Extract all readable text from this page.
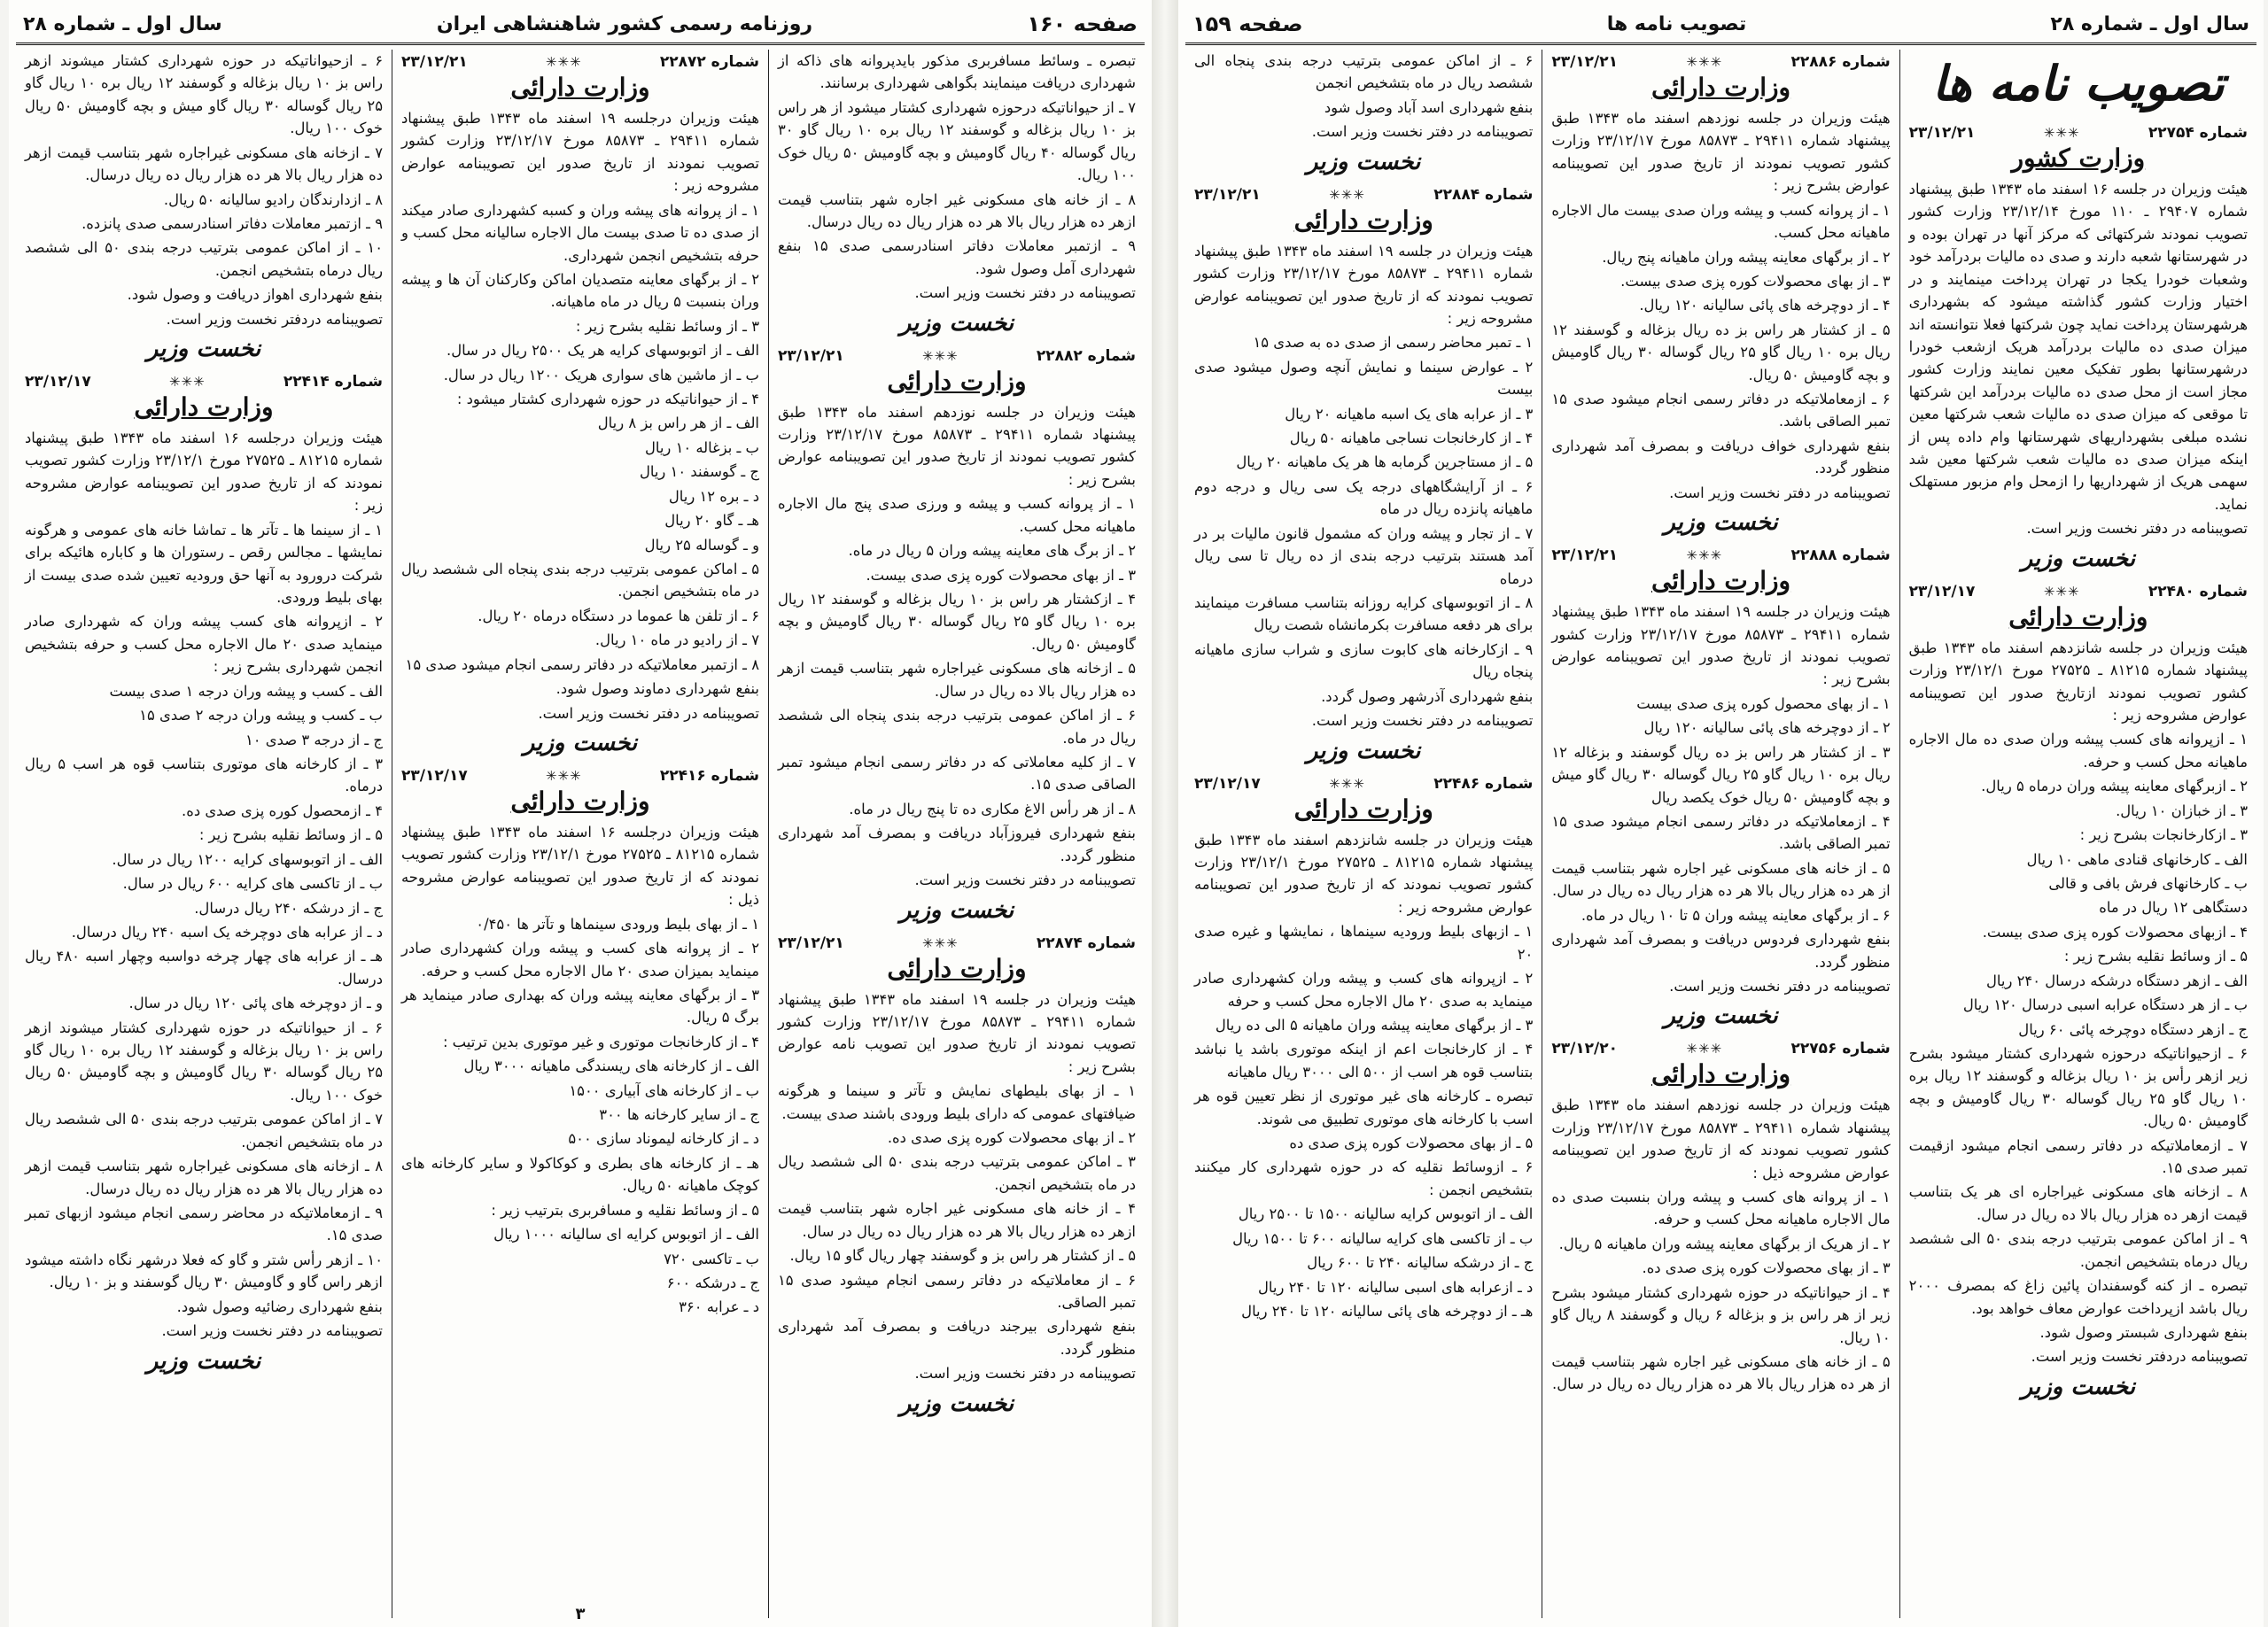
صفحه ۱۶۰
روزنامه رسمی کشور شاهنشاهی ایران
سال اول ـ شماره ۲۸

تبصره ـ وسائط مسافربری مذکور بایدپروانه های ذاکه از شهرداری دریافت مینمایند بگواهی شهرداری برسانند.

۷ ـ از حیواناتیکه درحوزه شهرداری کشتار میشود از هر راس بز ۱۰ ریال بزغاله و گوسفند ۱۲ ریال بره ۱۰ ریال گاو ۳۰ ریال گوساله ۴۰ ریال گاومیش و بچه گاومیش ۵۰ ریال خوک ۱۰۰ ریال.

۸ ـ از خانه های مسکونی غیر اجاره شهر بتناسب قیمت ازهر ده هزار ریال بالا هر ده هزار ریال ده ریال درسال.

۹ ـ ازتمبر معاملات دفاتر اسنادرسمی صدی ۱۵ بنفع شهرداری آمل وصول شود.

تصویبنامه در دفتر نخست وزیر است.

نخست وزیر
شماره ۲۲۸۸۲
✳✳✳
۲۳/۱۲/۲۱
وزارت دارائی

هیئت وزیران در جلسه نوزدهم اسفند ماه ۱۳۴۳ طبق پیشنهاد شماره ۲۹۴۱۱ ـ ۸۵۸۷۳ مورخ ۲۳/۱۲/۱۷ وزارت کشور تصویب نمودند از تاریخ صدور این تصویبنامه عوارض بشرح زیر :

۱ ـ از پروانه کسب و پیشه و ورزی صدی پنج مال الاجاره ماهیانه محل کسب.

۲ ـ از برگ های معاینه پیشه وران ۵ ریال در ماه.

۳ ـ از بهای محصولات کوره پزی صدی بیست.

۴ ـ ازکشتار هر راس بز ۱۰ ریال بزغاله و گوسفند ۱۲ ریال بره ۱۰ ریال گاو ۲۵ ریال گوساله ۳۰ ریال گاومیش و بچه گاومیش ۵۰ ریال.

۵ ـ ازخانه های مسکونی غیراجاره شهر بتناسب قیمت ازهر ده هزار ریال بالا ده ریال در سال.

۶ ـ از اماکن عمومی بترتیب درجه بندی پنجاه الی ششصد ریال در ماه.

۷ ـ از کلیه معاملاتی که در دفاتر رسمی انجام میشود تمبر الصاقی صدی ۱۵.

۸ ـ از هر رأس الاغ مکاری ده تا پنج ریال در ماه.

بنفع شهرداری فیروزآباد دریافت و بمصرف آمد شهرداری منظور گردد.

تصویبنامه در دفتر نخست وزیر است.

نخست وزیر
شماره ۲۲۸۷۴
✳✳✳
۲۳/۱۲/۲۱
وزارت دارائی

هیئت وزیران در جلسه ۱۹ اسفند ماه ۱۳۴۳ طبق پیشنهاد شماره ۲۹۴۱۱ ـ ۸۵۸۷۳ مورخ ۲۳/۱۲/۱۷ وزارت کشور تصویب نمودند از تاریخ صدور این تصویب نامه عوارض بشرح زیر :

۱ ـ از بهای بلیطهای نمایش و تآتر و سینما و هرگونه ضیافتهای عمومی که دارای بلیط ورودی باشند صدی بیست.

۲ ـ از بهای محصولات کوره پزی صدی ده.

۳ ـ اماکن عمومی بترتیب درجه بندی ۵۰ الی ششصد ریال در ماه بتشخیص انجمن.

۴ ـ از خانه های مسکونی غیر اجاره شهر بتناسب قیمت ازهر ده هزار ریال بالا هر ده هزار ریال ده ریال در سال.

۵ ـ از کشتار هر راس بز و گوسفند چهار ریال گاو ۱۵ ریال.

۶ ـ از معاملاتیکه در دفاتر رسمی انجام میشود صدی ۱۵ تمبر الصاقی.

بنفع شهرداری بیرجند دریافت و بمصرف آمد شهرداری منظور گردد.

تصویبنامه در دفتر نخست وزیر است.

نخست وزیر
شماره ۲۲۸۷۲
✳✳✳
۲۳/۱۲/۲۱
وزارت دارائی

هیئت وزیران درجلسه ۱۹ اسفند ماه ۱۳۴۳ طبق پیشنهاد شماره ۲۹۴۱۱ ـ ۸۵۸۷۳ مورخ ۲۳/۱۲/۱۷ وزارت کشور تصویب نمودند از تاریخ صدور این تصویبنامه عوارض مشروحه زیر :

۱ ـ از پروانه های پیشه وران و کسبه کشهرداری صادر میکند از صدی ده تا صدی بیست مال الاجاره سالیانه محل کسب و حرفه بتشخیص انجمن شهرداری.

۲ ـ از برگهای معاینه متصدیان اماکن وکارکنان آن ها و پیشه وران بنسبت ۵ ریال در ماه ماهیانه.

۳ ـ از وسائط نقلیه بشرح زیر :

الف ـ از اتوبوسهای کرایه هر یک ۲۵۰۰ ریال در سال.

ب ـ از ماشین های سواری هریک ۱۲۰۰ ریال در سال.

۴ ـ از حیواناتیکه در حوزه شهرداری کشتار میشود :

الف ـ از هر راس بز ۸ ریال

ب ـ بزغاله ۱۰ ریال

ج ـ گوسفند ۱۰ ریال

د ـ بره ۱۲ ریال

هـ ـ گاو ۲۰ ریال

و ـ گوساله ۲۵ ریال

۵ ـ اماکن عمومی بترتیب درجه بندی پنجاه الی ششصد ریال در ماه بتشخیص انجمن.

۶ ـ از تلفن ها عموما در دستگاه درماه ۲۰ ریال.

۷ ـ از رادیو در ماه ۱۰ ریال.

۸ ـ ازتمبر معاملاتیکه در دفاتر رسمی انجام میشود صدی ۱۵

بنفع شهرداری دماوند وصول شود.

تصویبنامه در دفتر نخست وزیر است.

نخست وزیر
شماره ۲۲۴۱۶
✳✳✳
۲۳/۱۲/۱۷
وزارت دارائی

هیئت وزیران درجلسه ۱۶ اسفند ماه ۱۳۴۳ طبق پیشنهاد شماره ۸۱۲۱۵ ـ ۲۷۵۲۵ مورخ ۲۳/۱۲/۱ وزارت کشور تصویب نمودند که از تاریخ صدور این تصویبنامه عوارض مشروحه ذیل :

۱ ـ از بهای بلیط ورودی سینماها و تآتر ها ۰/۴۵۰

۲ ـ از پروانه های کسب و پیشه وران کشهرداری صادر مینماید بمیزان صدی ۲۰ مال الاجاره محل کسب و حرفه.

۳ ـ از برگهای معاینه پیشه وران که بهداری صادر مینماید هر برگ ۵ ریال.

۴ ـ از کارخانجات موتوری و غیر موتوری بدین ترتیب :

الف ـ از کارخانه های ریسندگی ماهیانه ۳۰۰۰ ریال

ب ـ از کارخانه های آبیاری ۱۵۰۰

ج ـ از سایر کارخانه ها ۳۰۰

د ـ از کارخانه لیموناد سازی ۵۰۰

هـ ـ از کارخانه های بطری و کوکاکولا و سایر کارخانه های کوچک ماهیانه ۵۰ ریال.

۵ ـ از وسائط نقلیه و مسافربری بترتیب زیر :

الف ـ از اتوبوس کرایه ای سالیانه ۱۰۰۰ ریال

ب ـ تاکسی ۷۲۰

ج ـ درشکه ۶۰۰

د ـ عرابه ۳۶۰

۶ ـ ازحیواناتیکه در حوزه شهرداری کشتار میشوند ازهر راس بز ۱۰ ریال بزغاله و گوسفند ۱۲ ریال بره ۱۰ ریال گاو ۲۵ ریال گوساله ۳۰ ریال گاو میش و بچه گاومیش ۵۰ ریال خوک ۱۰۰ ریال.

۷ ـ ازخانه های مسکونی غیراجاره شهر بتناسب قیمت ازهر ده هزار ریال بالا هر ده هزار ریال ده ریال درسال.

۸ ـ ازدارندگان رادیو سالیانه ۵۰ ریال.

۹ ـ ازتمبر معاملات دفاتر اسنادرسمی صدی پانزده.

۱۰ ـ از اماکن عمومی بترتیب درجه بندی ۵۰ الی ششصد ریال درماه بتشخیص انجمن.

بنفع شهرداری اهواز دریافت و وصول شود.

تصویبنامه دردفتر نخست وزیر است.

نخست وزیر
شماره ۲۲۴۱۴
✳✳✳
۲۳/۱۲/۱۷
وزارت دارائی

هیئت وزیران درجلسه ۱۶ اسفند ماه ۱۳۴۳ طبق پیشنهاد شماره ۸۱۲۱۵ ـ ۲۷۵۲۵ مورخ ۲۳/۱۲/۱ وزارت کشور تصویب نمودند که از تاریخ صدور این تصویبنامه عوارض مشروحه زیر :

۱ ـ از سینما ها ـ تآتر ها ـ تماشا خانه های عمومی و هرگونه نمایشها ـ مجالس رقص ـ رستوران ها و کاباره هائیکه برای شرکت درورود به آنها حق ورودیه تعیین شده صدی بیست از بهای بلیط ورودی.

۲ ـ ازپروانه های کسب پیشه وران که شهرداری صادر مینماید صدی ۲۰ مال الاجاره محل کسب و حرفه بتشخیص انجمن شهرداری بشرح زیر :

الف ـ کسب و پیشه وران درجه ۱ صدی بیست

ب ـ کسب و پیشه وران درجه ۲ صدی ۱۵

ج ـ از درجه ۳ صدی ۱۰

۳ ـ از کارخانه های موتوری بتناسب قوه هر اسب ۵ ریال درماه.

۴ ـ ازمحصول کوره پزی صدی ده.

۵ ـ از وسائط نقلیه بشرح زیر :

الف ـ از اتوبوسهای کرایه ۱۲۰۰ ریال در سال.

ب ـ از تاکسی های کرایه ۶۰۰ ریال در سال.

ج ـ از درشکه ۲۴۰ ریال درسال.

د ـ از عرابه های دوچرخه یک اسبه ۲۴۰ ریال درسال.

هـ ـ از عرابه های چهار چرخه دواسبه وچهار اسبه ۴۸۰ ریال درسال.

و ـ از دوچرخه های پائی ۱۲۰ ریال در سال.

۶ ـ از حیواناتیکه در حوزه شهرداری کشتار میشوند ازهر راس بز ۱۰ ریال بزغاله و گوسفند ۱۲ ریال بره ۱۰ ریال گاو ۲۵ ریال گوساله ۳۰ ریال گاومیش و بچه گاومیش ۵۰ ریال خوک ۱۰۰ ریال.

۷ ـ از اماکن عمومی بترتیب درجه بندی ۵۰ الی ششصد ریال در ماه بتشخیص انجمن.

۸ ـ ازخانه های مسکونی غیراجاره شهر بتناسب قیمت ازهر ده هزار ریال بالا هر ده هزار ریال ده ریال درسال.

۹ ـ ازمعاملاتیکه در محاضر رسمی انجام میشود ازبهای تمبر صدی ۱۵.

۱۰ ـ ازهر رأس شتر و گاو که فعلا درشهر نگاه داشته میشود ازهر راس گاو و گاومیش ۳۰ ریال گوسفند و بز ۱۰ ریال.

بنفع شهرداری رضائیه وصول شود.

تصویبنامه در دفتر نخست وزیر است.

نخست وزیر
۳
سال اول ـ شماره ۲۸
تصویب نامه ها
صفحه ۱۵۹
تصویب نامه ها
شماره ۲۲۷۵۴
✳✳✳
۲۳/۱۲/۲۱
وزارت کشور

هیئت وزیران در جلسه ۱۶ اسفند ماه ۱۳۴۳ طبق پیشنهاد شماره ۲۹۴۰۷ ـ ۱۱۰ مورخ ۲۳/۱۲/۱۴ وزارت کشور تصویب نمودند شرکتهائی که مرکز آنها در تهران بوده و در شهرستانها شعبه دارند و صدی ده مالیات بردرآمد خود وشعبات خودرا یکجا در تهران پرداخت مینمایند و در اختیار وزارت کشور گذاشته میشود که بشهرداری هرشهرستان پرداخت نماید چون شرکتها فعلا نتوانسته اند میزان صدی ده مالیات بردرآمد هریک ازشعب خودرا درشهرستانها بطور تفکیک معین نمایند وزارت کشور مجاز است از محل صدی ده مالیات بردرآمد این شرکتها تا موقعی که میزان صدی ده مالیات شعب شرکتها معین نشده مبلغی بشهرداریهای شهرستانها وام داده پس از اینکه میزان صدی ده مالیات شعب شرکتها معین شد سهمی هریک از شهرداریها را ازمحل وام مزبور مستهلک نماید.

تصویبنامه در دفتر نخست وزیر است.

نخست وزیر
شماره ۲۲۴۸۰
✳✳✳
۲۳/۱۲/۱۷
وزارت دارائی

هیئت وزیران در جلسه شانزدهم اسفند ماه ۱۳۴۳ طبق پیشنهاد شماره ۸۱۲۱۵ ـ ۲۷۵۲۵ مورخ ۲۳/۱۲/۱ وزارت کشور تصویب نمودند ازتاریخ صدور این تصویبنامه عوارض مشروحه زیر :

۱ ـ ازپروانه های کسب پیشه وران صدی ده مال الاجاره ماهیانه محل کسب و حرفه.

۲ ـ ازبرگهای معاینه پیشه وران درماه ۵ ریال.

۳ ـ از خبازان ۱۰ ریال.

۳ ـ ازکارخانجات بشرح زیر :

الف ـ کارخانهای قنادی ماهی ۱۰ ریال

ب ـ کارخانهای فرش بافی و قالی

دستگاهی ۱۲ ریال در ماه

۴ ـ ازبهای محصولات کوره پزی صدی بیست.

۵ ـ از وسائط نقلیه بشرح زیر :

الف ـ ازهر دستگاه درشکه درسال ۲۴۰ ریال

ب ـ از هر دستگاه عرابه اسبی درسال ۱۲۰ ریال

ج ـ ازهر دستگاه دوچرخه پائی ۶۰ ریال

۶ ـ ازحیواناتیکه درحوزه شهرداری کشتار میشود بشرح زیر ازهر رأس بز ۱۰ ریال بزغاله و گوسفند ۱۲ ریال بره ۱۰ ریال گاو ۲۵ ریال گوساله ۳۰ ریال گاومیش و بچه گاومیش ۵۰ ریال.

۷ ـ ازمعاملاتیکه در دفاتر رسمی انجام میشود ازقیمت تمبر صدی ۱۵.

۸ ـ ازخانه های مسکونی غیراجاره ای هر یک بتناسب قیمت ازهر ده هزار ریال بالا ده ریال در سال.

۹ ـ از اماکن عمومی بترتیب درجه بندی ۵۰ الی ششصد ریال درماه بتشخیص انجمن.

تبصره ـ از کنه گوسفندان پائین زاغ که بمصرف ۲۰۰۰ ریال باشد ازپرداخت عوارض معاف خواهد بود.

بنفع شهرداری شبستر وصول شود.

تصویبنامه دردفتر نخست وزیر است.

نخست وزیر
شماره ۲۲۸۸۶
✳✳✳
۲۳/۱۲/۲۱
وزارت دارائی

هیئت وزیران در جلسه نوزدهم اسفند ماه ۱۳۴۳ طبق پیشنهاد شماره ۲۹۴۱۱ ـ ۸۵۸۷۳ مورخ ۲۳/۱۲/۱۷ وزارت کشور تصویب نمودند از تاریخ صدور این تصویبنامه عوارض بشرح زیر :

۱ ـ از پروانه کسب و پیشه وران صدی بیست مال الاجاره ماهیانه محل کسب.

۲ ـ از برگهای معاینه پیشه وران ماهیانه پنج ریال.

۳ ـ از بهای محصولات کوره پزی صدی بیست.

۴ ـ از دوچرخه های پائی سالیانه ۱۲۰ ریال.

۵ ـ از کشتار هر راس بز ده ریال بزغاله و گوسفند ۱۲ ریال بره ۱۰ ریال گاو ۲۵ ریال گوساله ۳۰ ریال گاومیش و بچه گاومیش ۵۰ ریال.

۶ ـ ازمعاملاتیکه در دفاتر رسمی انجام میشود صدی ۱۵ تمبر الصاقی باشد.

بنفع شهرداری خواف دریافت و بمصرف آمد شهرداری منظور گردد.

تصویبنامه در دفتر نخست وزیر است.

نخست وزیر
شماره ۲۲۸۸۸
✳✳✳
۲۳/۱۲/۲۱
وزارت دارائی

هیئت وزیران در جلسه ۱۹ اسفند ماه ۱۳۴۳ طبق پیشنهاد شماره ۲۹۴۱۱ ـ ۸۵۸۷۳ مورخ ۲۳/۱۲/۱۷ وزارت کشور تصویب نمودند از تاریخ صدور این تصویبنامه عوارض بشرح زیر :

۱ ـ از بهای محصول کوره پزی صدی بیست

۲ ـ از دوچرخه های پائی سالیانه ۱۲۰ ریال

۳ ـ از کشتار هر راس بز ده ریال گوسفند و بزغاله ۱۲ ریال بره ۱۰ ریال گاو ۲۵ ریال گوساله ۳۰ ریال گاو میش و بچه گاومیش ۵۰ ریال خوک یکصد ریال

۴ ـ ازمعاملاتیکه در دفاتر رسمی انجام میشود صدی ۱۵ تمبر الصاقی باشد.

۵ ـ از خانه های مسکونی غیر اجاره شهر بتناسب قیمت از هر ده هزار ریال بالا هر ده هزار ریال ده ریال در سال.

۶ ـ از برگهای معاینه پیشه وران ۵ تا ۱۰ ریال در ماه.

بنفع شهرداری فردوس دریافت و بمصرف آمد شهرداری منظور گردد.

تصویبنامه در دفتر نخست وزیر است.

نخست وزیر
شماره ۲۲۷۵۶
✳✳✳
۲۳/۱۲/۲۰
وزارت دارائی

هیئت وزیران در جلسه نوزدهم اسفند ماه ۱۳۴۳ طبق پیشنهاد شماره ۲۹۴۱۱ ـ ۸۵۸۷۳ مورخ ۲۳/۱۲/۱۷ وزارت کشور تصویب نمودند که از تاریخ صدور این تصویبنامه عوارض مشروحه ذیل :

۱ ـ از پروانه های کسب و پیشه وران بنسبت صدی ده مال الاجاره ماهیانه محل کسب و حرفه.

۲ ـ از هریک از برگهای معاینه پیشه وران ماهیانه ۵ ریال.

۳ ـ از بهای محصولات کوره پزی صدی ده.

۴ ـ از حیواناتیکه در حوزه شهرداری کشتار میشود بشرح زیر از هر راس بز و بزغاله ۶ ریال و گوسفند ۸ ریال گاو ۱۰ ریال.

۵ ـ از خانه های مسکونی غیر اجاره شهر بتناسب قیمت از هر ده هزار ریال بالا هر ده هزار ریال ده ریال در سال.

۶ ـ از اماکن عمومی بترتیب درجه بندی پنجاه الی ششصد ریال در ماه بتشخیص انجمن

بنفع شهرداری اسد آباد وصول شود

تصویبنامه در دفتر نخست وزیر است.

نخست وزیر
شماره ۲۲۸۸۴
✳✳✳
۲۳/۱۲/۲۱
وزارت دارائی

هیئت وزیران در جلسه ۱۹ اسفند ماه ۱۳۴۳ طبق پیشنهاد شماره ۲۹۴۱۱ ـ ۸۵۸۷۳ مورخ ۲۳/۱۲/۱۷ وزارت کشور تصویب نمودند که از تاریخ صدور این تصویبنامه عوارض مشروحه زیر :

۱ ـ تمبر محاضر رسمی از صدی ده به صدی ۱۵

۲ ـ عوارض سینما و نمایش آنچه وصول میشود صدی بیست

۳ ـ از عرابه های یک اسبه ماهیانه ۲۰ ریال

۴ ـ از کارخانجات نساجی ماهیانه ۵۰ ریال

۵ ـ از مستاجرین گرمابه ها هر یک ماهیانه ۲۰ ریال

۶ ـ از آرایشگاههای درجه یک سی ریال و درجه دوم ماهیانه پانزده ریال در ماه

۷ ـ از تجار و پیشه وران که مشمول قانون مالیات بر در آمد هستند بترتیب درجه بندی از ده ریال تا سی ریال درماه

۸ ـ از اتوبوسهای کرایه روزانه بتناسب مسافرت مینمایند برای هر دفعه مسافرت بکرمانشاه شصت ریال

۹ ـ ازکارخانه های کابوت سازی و شراب سازی ماهیانه پنجاه ریال

بنفع شهرداری آذرشهر وصول گردد.

تصویبنامه در دفتر نخست وزیر است.

نخست وزیر
شماره ۲۲۴۸۶
✳✳✳
۲۳/۱۲/۱۷
وزارت دارائی

هیئت وزیران در جلسه شانزدهم اسفند ماه ۱۳۴۳ طبق پیشنهاد شماره ۸۱۲۱۵ ـ ۲۷۵۲۵ مورخ ۲۳/۱۲/۱ وزارت کشور تصویب نمودند که از تاریخ صدور این تصویبنامه عوارض مشروحه زیر :

۱ ـ ازبهای بلیط ورودیه سینماها ، نمایشها و غیره صدی ۲۰

۲ ـ ازپروانه های کسب و پیشه وران کشهرداری صادر مینماید به صدی ۲۰ مال الاجاره محل کسب و حرفه

۳ ـ از برگهای معاینه پیشه وران ماهیانه ۵ الی ده ریال

۴ ـ از کارخانجات اعم از اینکه موتوری باشد یا نباشد بتناسب قوه هر اسب از ۵۰۰ الی ۳۰۰۰ ریال ماهیانه

تبصره ـ کارخانه های غیر موتوری از نظر تعیین قوه هر اسب با کارخانه های موتوری تطبیق می شوند.

۵ ـ از بهای محصولات کوره پزی صدی ده

۶ ـ ازوسائط نقلیه که در حوزه شهرداری کار میکنند بتشخیص انجمن :

الف ـ از اتوبوس کرایه سالیانه ۱۵۰۰ تا ۲۵۰۰ ریال

ب ـ از تاکسی های کرایه سالیانه ۶۰۰ تا ۱۵۰۰ ریال

ج ـ از درشکه سالیانه ۲۴۰ تا ۶۰۰ ریال

د ـ ازعرابه های اسبی سالیانه ۱۲۰ تا ۲۴۰ ریال

هـ ـ از دوچرخه های پائی سالیانه ۱۲۰ تا ۲۴۰ ریال
